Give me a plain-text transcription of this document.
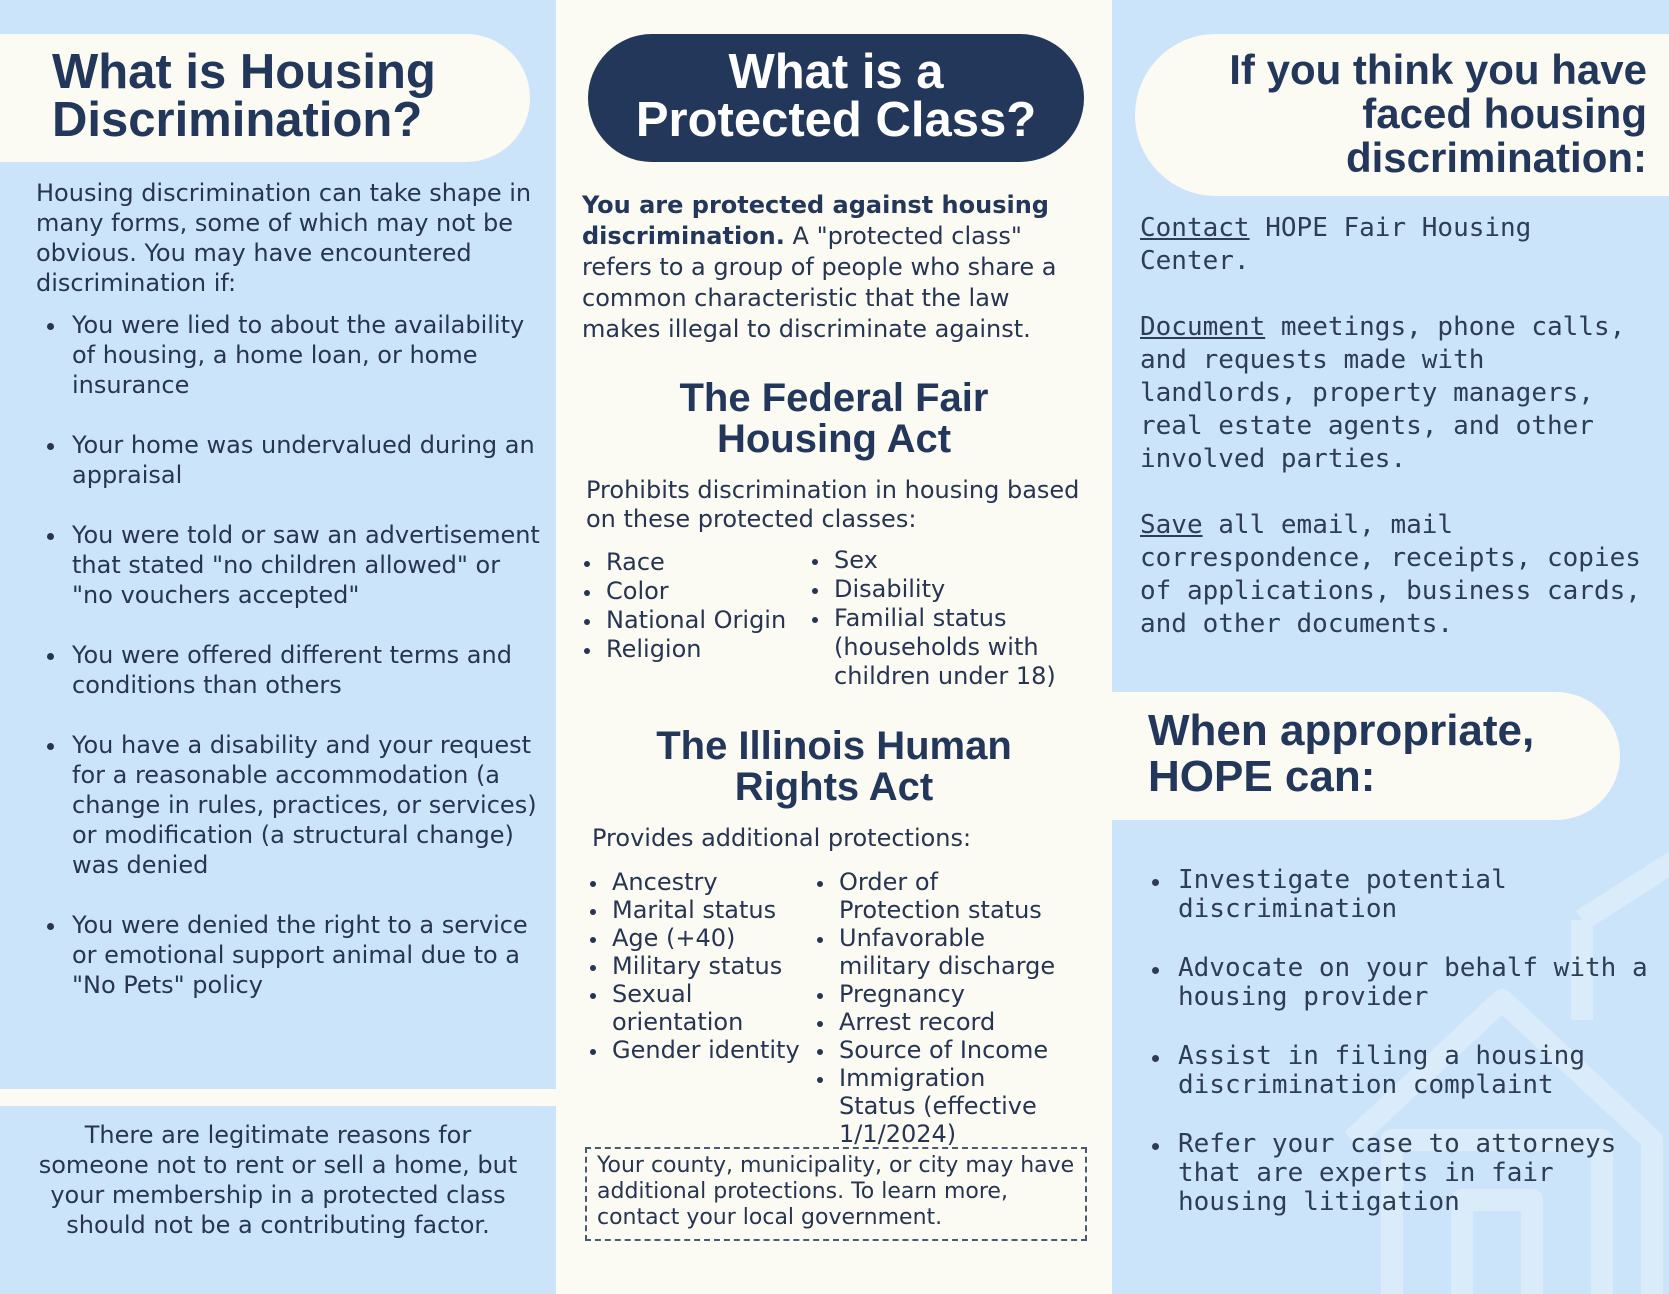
What is Housing Discrimination?

Housing discrimination can take shape in many forms, some of which may not be obvious. You may have encountered discrimination if:

You were lied to about the availability of housing, a home loan, or home insurance
Your home was undervalued during an appraisal
You were told or saw an advertisement that stated "no children allowed" or "no vouchers accepted"
You were offered different terms and conditions than others
You have a disability and your request for a reasonable accommodation (a change in rules, practices, or services) or modification (a structural change) was denied
You were denied the right to a service or emotional support animal due to a "No Pets" policy

There are legitimate reasons for someone not to rent or sell a home, but your membership in a protected class should not be a contributing factor.

What is a Protected Class?

You are protected against housing discrimination. A "protected class" refers to a group of people who share a common characteristic that the law makes illegal to discriminate against.

The Federal Fair Housing Act

Prohibits discrimination in housing based on these protected classes:

Race
Color
National Origin
Religion
Sex
Disability
Familial status (households with children under 18)
The Illinois Human Rights Act

Provides additional protections:

Ancestry
Marital status
Age (+40)
Military status
Sexual orientation
Gender identity
Order of Protection status
Unfavorable military discharge
Pregnancy
Arrest record
Source of Income
Immigration Status (effective 1/1/2024)
Your county, municipality, or city may have additional protections. To learn more, contact your local government.
If you think you have faced housing discrimination:

Contact HOPE Fair Housing Center.

Document meetings, phone calls, and requests made with landlords, property managers, real estate agents, and other involved parties.

Save all email, mail correspondence, receipts, copies of applications, business cards, and other documents.

When appropriate, HOPE can:
Investigate potential discrimination
Advocate on your behalf with a housing provider
Assist in filing a housing discrimination complaint
Refer your case to attorneys that are experts in fair housing litigation
